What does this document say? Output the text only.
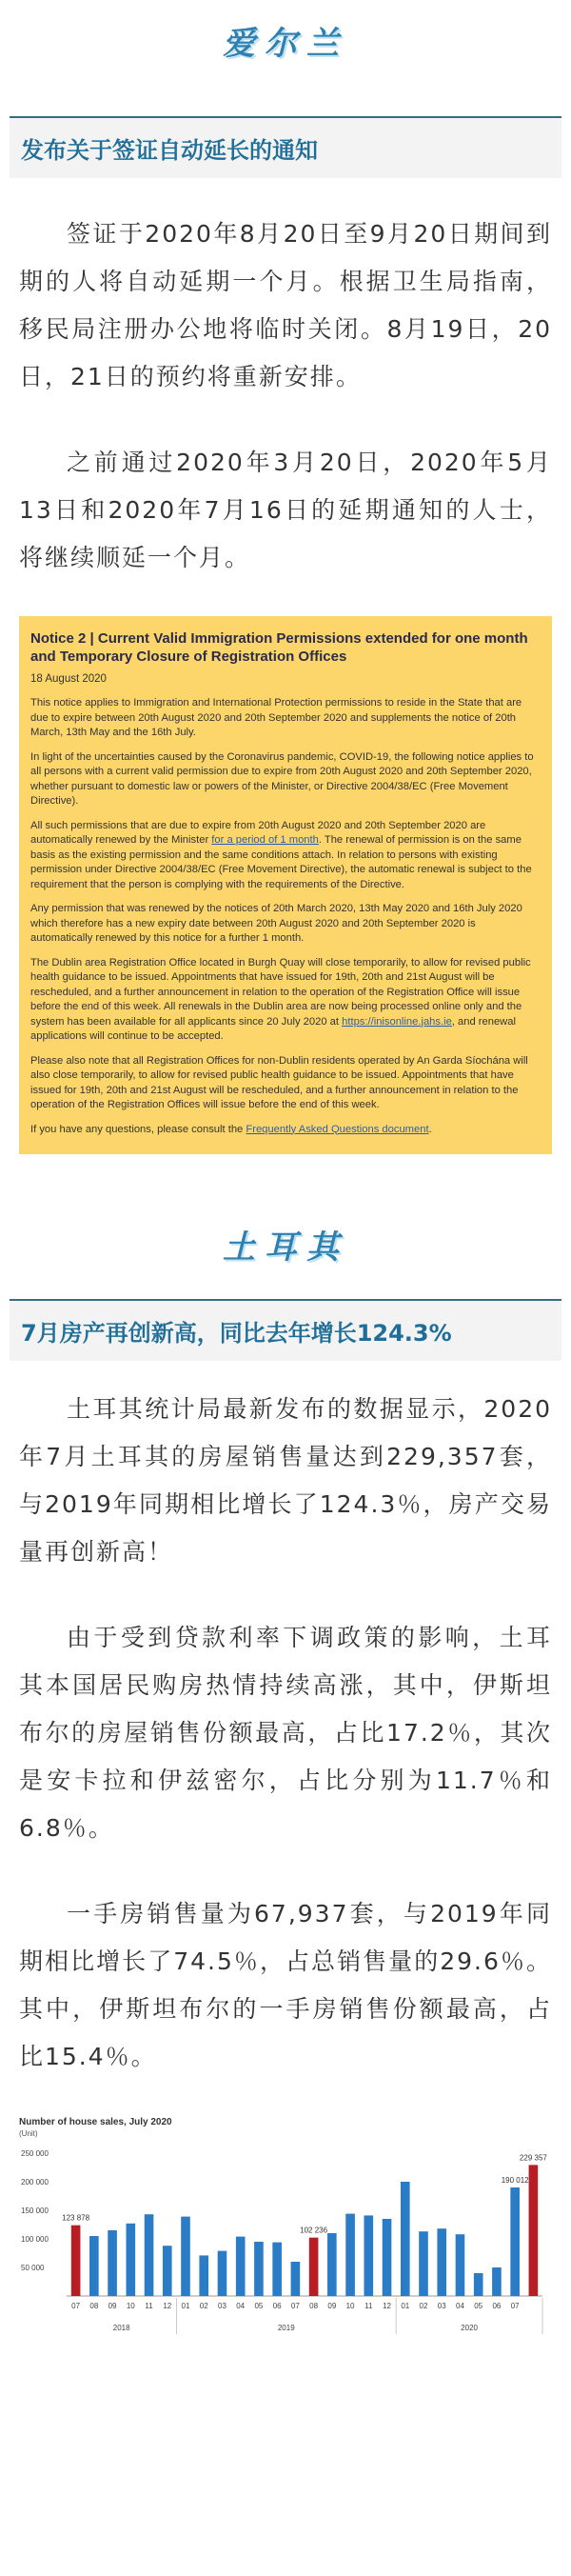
爱尔兰
发布关于签证自动延长的通知

签证于2020年8月20日至9月20日期间到期的人将自动延期一个月。根据卫生局指南，移民局注册办公地将临时关闭。8月19日，20日，21日的预约将重新安排。

之前通过2020年3月20日，2020年5月13日和2020年7月16日的延期通知的人士， 将继续顺延一个月。

Notice 2 | Current Valid Immigration Permissions extended for one month and Temporary Closure of Registration Offices
18 August 2020

This notice applies to Immigration and International Protection permissions to reside in the State that are due to expire between 20th August 2020 and 20th September 2020 and supplements the notice of 20th March, 13th May and the 16th July.

In light of the uncertainties caused by the Coronavirus pandemic, COVID-19, the following notice applies to all persons with a current valid permission due to expire from 20th August 2020 and 20th September 2020, whether pursuant to domestic law or powers of the Minister, or Directive 2004/38/EC (Free Movement Directive).

All such permissions that are due to expire from 20th August 2020 and 20th September 2020 are automatically renewed by the Minister for a period of 1 month. The renewal of permission is on the same basis as the existing permission and the same conditions attach. In relation to persons with existing permission under Directive 2004/38/EC (Free Movement Directive), the automatic renewal is subject to the requirement that the person is complying with the requirements of the Directive.

Any permission that was renewed by the notices of 20th March 2020, 13th May 2020 and 16th July 2020 which therefore has a new expiry date between 20th August 2020 and 20th September 2020 is automatically renewed by this notice for a further 1 month.

The Dublin area Registration Office located in Burgh Quay will close temporarily, to allow for revised public health guidance to be issued. Appointments that have issued for 19th, 20th and 21st August will be rescheduled, and a further announcement in relation to the operation of the Registration Office will issue before the end of this week. All renewals in the Dublin area are now being processed online only and the system has been available for all applicants since 20 July 2020 at https://inisonline.jahs.ie, and renewal applications will continue to be accepted.

Please also note that all Registration Offices for non-Dublin residents operated by An Garda Síochána will also close temporarily, to allow for revised public health guidance to be issued. Appointments that have issued for 19th, 20th and 21st August will be rescheduled, and a further announcement in relation to the operation of the Registration Offices will issue before the end of this week.

If you have any questions, please consult the Frequently Asked Questions document.

土耳其
7月房产再创新高，同比去年增长124.3%

土耳其统计局最新发布的数据显示，2020年7月土耳其的房屋销售量达到229,357套，与2019年同期相比增长了124.3％，房产交易量再创新高！

由于受到贷款利率下调政策的影响，土耳其本国居民购房热情持续高涨，其中，伊斯坦布尔的房屋销售份额最高，占比17.2％，其次是安卡拉和伊兹密尔，占比分别为11.7％和6.8％。

一手房销售量为67,937套，与2019年同期相比增长了74.5％，占总销售量的29.6％。其中，伊斯坦布尔的一手房销售份额最高，占比15.4％。

Number of house sales, July 2020
(Unit)
250 000
200 000
150 000
100 000
50 000
123 878
102 236
190 012
229 357
07 08 09 10 11 12 01 02 03 04 05 06 07 08 09 10 11 12 01 02 03 04 05 06 07
2018	2019	2020
